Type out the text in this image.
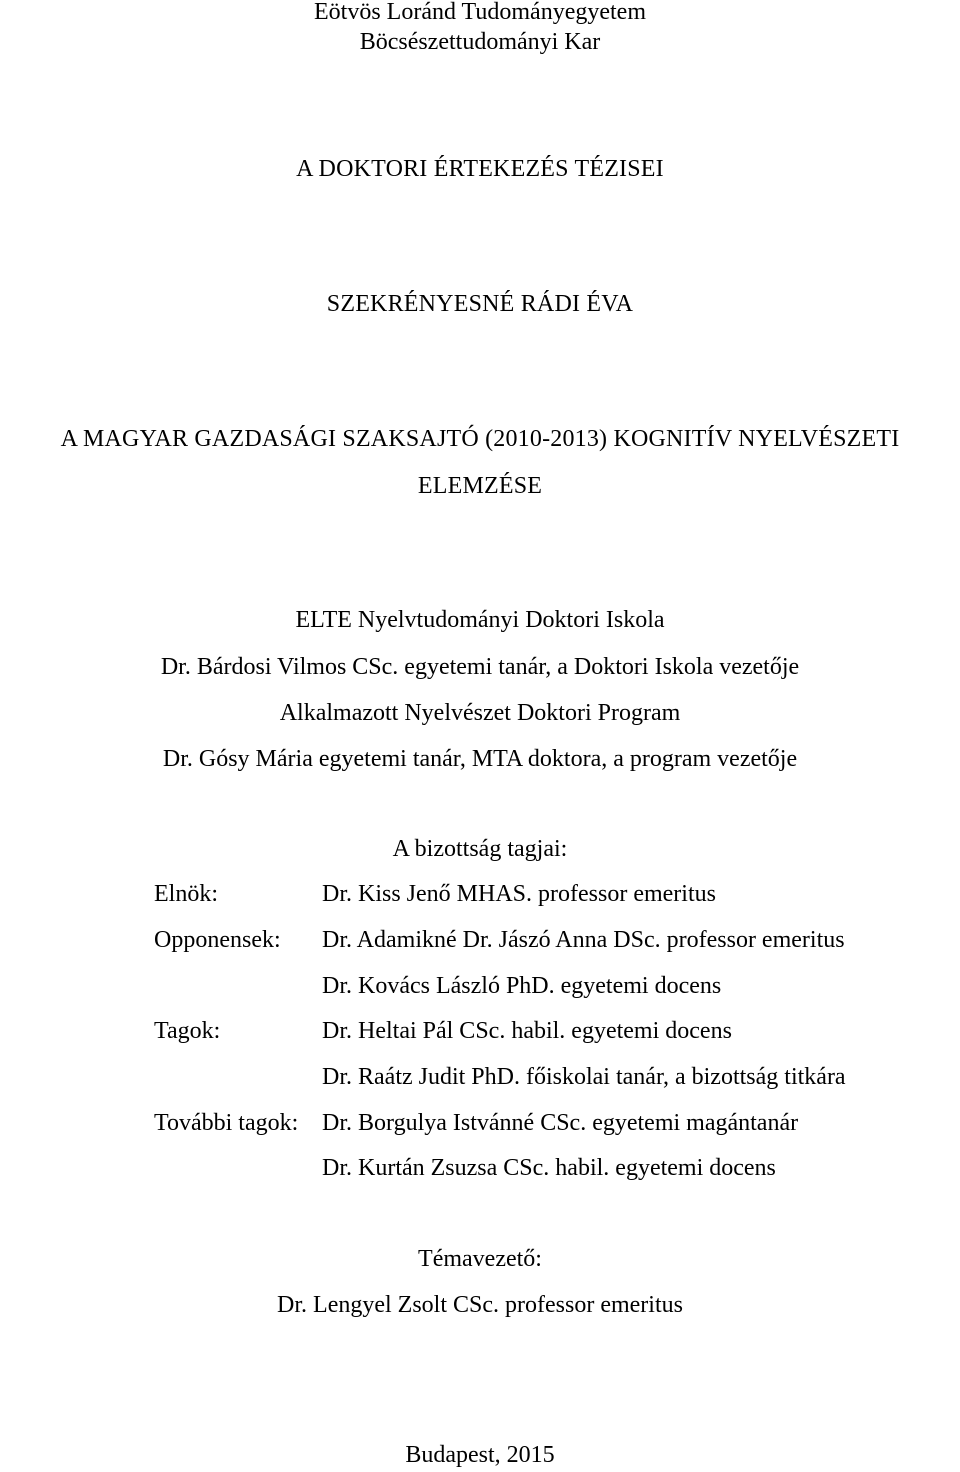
Eötvös Loránd Tudományegyetem
Böcsészettudományi Kar
A DOKTORI ÉRTEKEZÉS TÉZISEI
SZEKRÉNYESNÉ RÁDI ÉVA
A MAGYAR GAZDASÁGI SZAKSAJTÓ (2010-2013) KOGNITÍV NYELVÉSZETI
ELEMZÉSE
ELTE Nyelvtudományi Doktori Iskola
Dr. Bárdosi Vilmos CSc. egyetemi tanár, a Doktori Iskola vezetője
Alkalmazott Nyelvészet Doktori Program
Dr. Gósy Mária egyetemi tanár, MTA doktora, a program vezetője
A bizottság tagjai:
Elnök:	Dr. Kiss Jenő MHAS. professor emeritus
Opponensek: Dr. Adamikné Dr. Jászó Anna DSc. professor emeritus
Dr. Kovács László PhD. egyetemi docens
Tagok:	Dr. Heltai Pál CSc. habil. egyetemi docens
Dr. Raátz Judit PhD. főiskolai tanár, a bizottság titkára
További tagok: Dr. Borgulya Istvánné CSc. egyetemi magántanár
Dr. Kurtán Zsuzsa CSc. habil. egyetemi docens
Témavezető:
Dr. Lengyel Zsolt CSc. professor emeritus
Budapest, 2015
